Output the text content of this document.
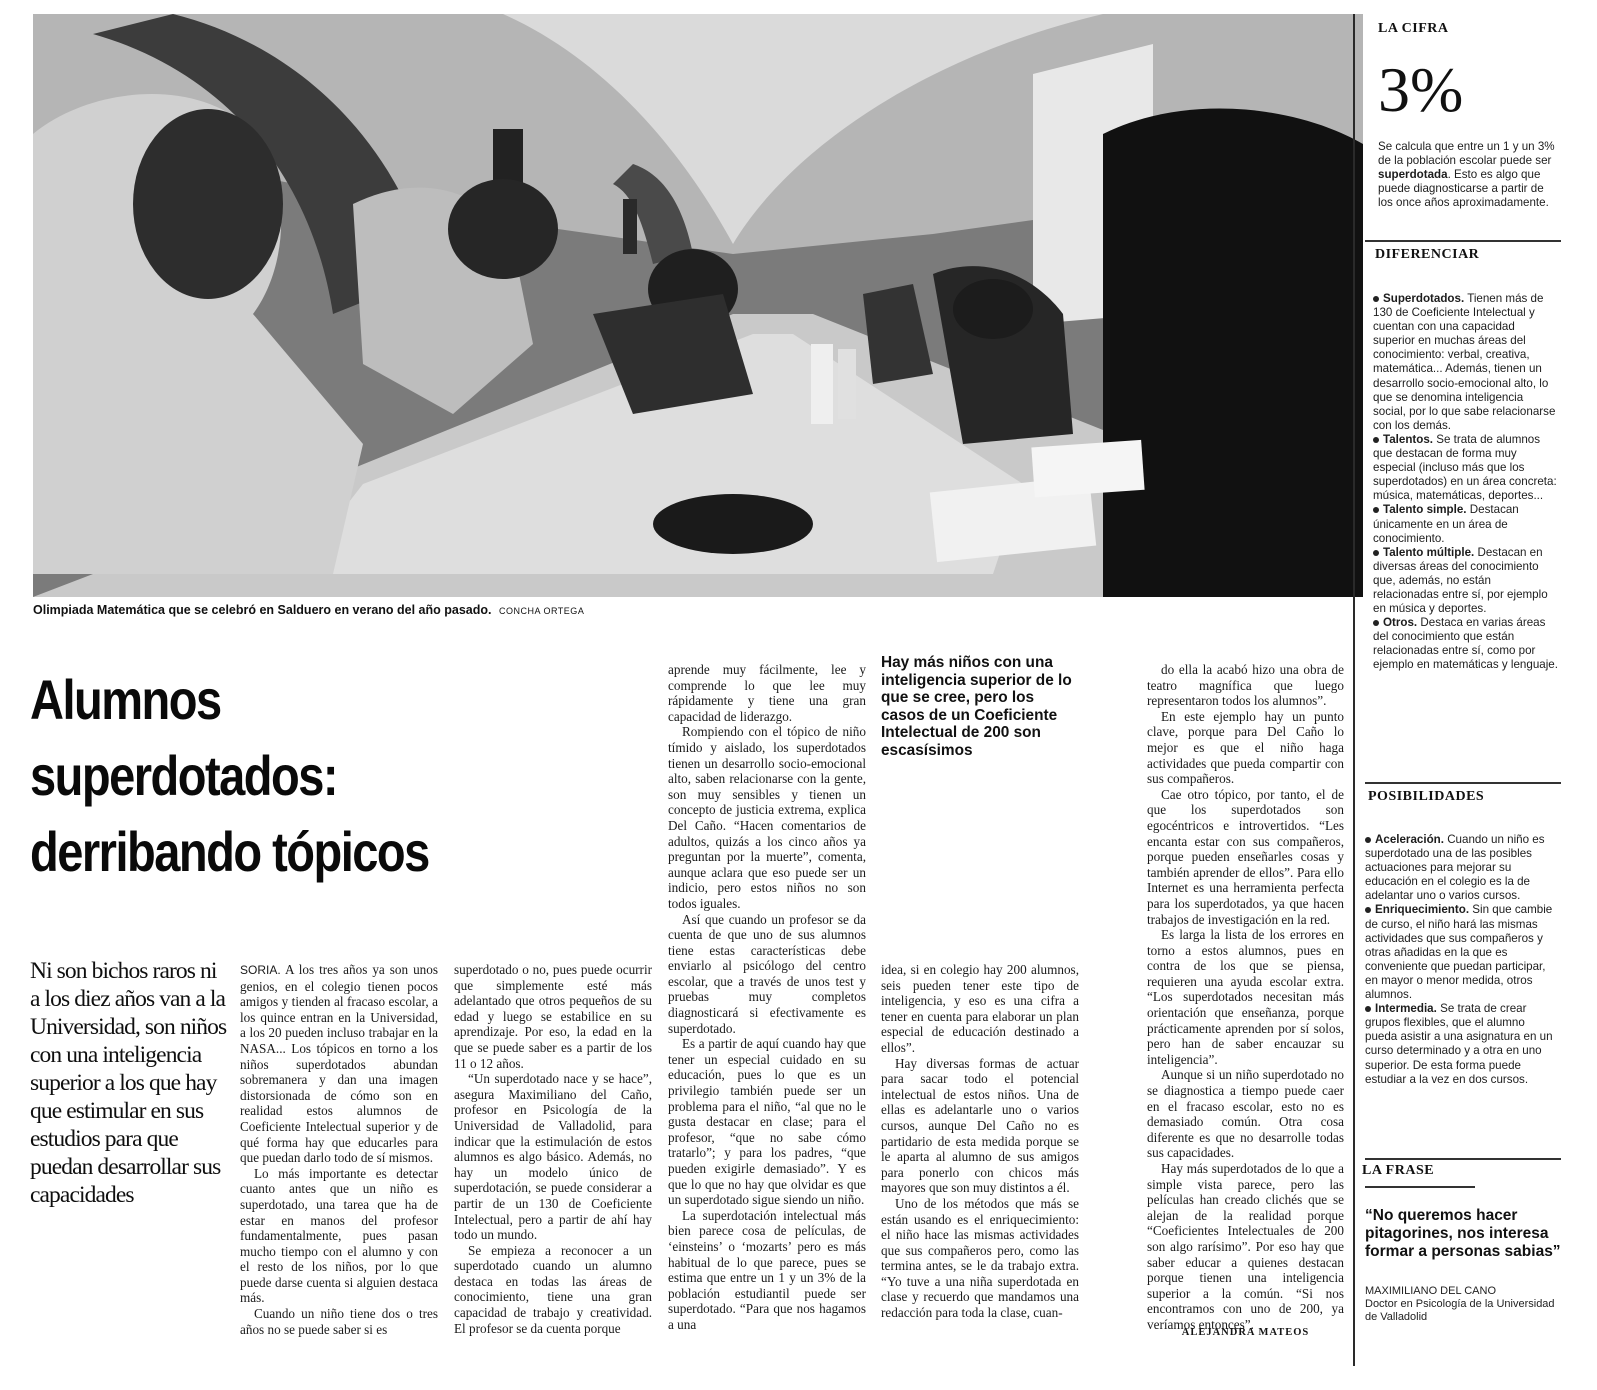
Olimpiada Matemática que se celebró en Salduero en verano del año pasado. CONCHA ORTEGA
Alumnos
superdotados:
derribando tópicos
Ni son bichos raros ni a los diez años van a la Universidad, son niños con una inteligencia superior a los que hay que estimular en sus estudios para que puedan desarrollar sus capacidades
Hay más niños con una inteligencia superior de lo que se cree, pero los casos de un Coeficiente Intelectual de 200 son escasísimos

SORIA. A los tres años ya son unos genios, en el colegio tienen pocos amigos y tienden al fracaso escolar, a los quince entran en la Universidad, a los 20 pueden incluso trabajar en la NASA... Los tópicos en torno a los niños superdotados abundan sobremanera y dan una imagen distorsionada de cómo son en realidad estos alumnos de Coeficiente Intelectual superior y de qué forma hay que educarles para que puedan darlo todo de sí mismos.

Lo más importante es detectar cuanto antes que un niño es superdotado, una tarea que ha de estar en manos del profesor fundamentalmente, pues pasan mucho tiempo con el alumno y con el resto de los niños, por lo que puede darse cuenta si alguien destaca más.

Cuando un niño tiene dos o tres años no se puede saber si es

superdotado o no, pues puede ocurrir que simplemente esté más adelantado que otros pequeños de su edad y luego se estabilice en su aprendizaje. Por eso, la edad en la que se puede saber es a partir de los 11 o 12 años.

“Un superdotado nace y se hace”, asegura Maximiliano del Caño, profesor en Psicología de la Universidad de Valladolid, para indicar que la estimulación de estos alumnos es algo básico. Además, no hay un modelo único de superdotación, se puede considerar a partir de un 130 de Coeficiente Intelectual, pero a partir de ahí hay todo un mundo.

Se empieza a reconocer a un superdotado cuando un alumno destaca en todas las áreas de conocimiento, tiene una gran capacidad de trabajo y creatividad. El profesor se da cuenta porque

aprende muy fácilmente, lee y comprende lo que lee muy rápidamente y tiene una gran capacidad de liderazgo.

Rompiendo con el tópico de niño tímido y aislado, los superdotados tienen un desarrollo socio-emocional alto, saben relacionarse con la gente, son muy sensibles y tienen un concepto de justicia extrema, explica Del Caño. “Hacen comentarios de adultos, quizás a los cinco años ya preguntan por la muerte”, comenta, aunque aclara que eso puede ser un indicio, pero estos niños no son todos iguales.

Así que cuando un profesor se da cuenta de que uno de sus alumnos tiene estas características debe enviarlo al psicólogo del centro escolar, que a través de unos test y pruebas muy completos diagnosticará si efectivamente es superdotado.

Es a partir de aquí cuando hay que tener un especial cuidado en su educación, pues lo que es un privilegio también puede ser un problema para el niño, “al que no le gusta destacar en clase; para el profesor, “que no sabe cómo tratarlo”; y para los padres, “que pueden exigirle demasiado”. Y es que lo que no hay que olvidar es que un superdotado sigue siendo un niño.

La superdotación intelectual más bien parece cosa de películas, de ‘einsteins’ o ‘mozarts’ pero es más habitual de lo que parece, pues se estima que entre un 1 y un 3% de la población estudiantil puede ser superdotado. “Para que nos hagamos a una

idea, si en colegio hay 200 alumnos, seis pueden tener este tipo de inteligencia, y eso es una cifra a tener en cuenta para elaborar un plan especial de educación destinado a ellos”.

Hay diversas formas de actuar para sacar todo el potencial intelectual de estos niños. Una de ellas es adelantarle uno o varios cursos, aunque Del Caño no es partidario de esta medida porque se le aparta al alumno de sus amigos para ponerlo con chicos más mayores que son muy distintos a él.

Uno de los métodos que más se están usando es el enriquecimiento: el niño hace las mismas actividades que sus compañeros pero, como las termina antes, se le da trabajo extra. “Yo tuve a una niña superdotada en clase y recuerdo que mandamos una redacción para toda la clase, cuan-

do ella la acabó hizo una obra de teatro magnífica que luego representaron todos los alumnos”.

En este ejemplo hay un punto clave, porque para Del Caño lo mejor es que el niño haga actividades que pueda compartir con sus compañeros.

Cae otro tópico, por tanto, el de que los superdotados son egocéntricos e introvertidos. “Les encanta estar con sus compañeros, porque pueden enseñarles cosas y también aprender de ellos”. Para ello Internet es una herramienta perfecta para los superdotados, ya que hacen trabajos de investigación en la red.

Es larga la lista de los errores en torno a estos alumnos, pues en contra de los que se piensa, requieren una ayuda escolar extra. “Los superdotados necesitan más orientación que enseñanza, porque prácticamente aprenden por sí solos, pero han de saber encauzar su inteligencia”.

Aunque si un niño superdotado no se diagnostica a tiempo puede caer en el fracaso escolar, esto no es demasiado común. Otra cosa diferente es que no desarrolle todas sus capacidades.

Hay más superdotados de lo que a simple vista parece, pero las películas han creado clichés que se alejan de la realidad porque “Coeficientes Intelectuales de 200 son algo rarísimo”. Por eso hay que saber educar a quienes destacan porque tienen una inteligencia superior a la común. “Si nos encontramos con uno de 200, ya veríamos entonces”.

ALEJANDRA MATEOS
LA CIFRA
3%
Se calcula que entre un 1 y un 3% de la población escolar puede ser superdotada. Esto es algo que puede diagnosticarse a partir de los once años aproximadamente.
DIFERENCIAR

Superdotados. Tienen más de 130 de Coeficiente Intelectual y cuentan con una capacidad superior en muchas áreas del conocimiento: verbal, creativa, matemática... Además, tienen un desarrollo socio-emocional alto, lo que se denomina inteligencia social, por lo que sabe relacionarse con los demás.

Talentos. Se trata de alumnos que destacan de forma muy especial (incluso más que los superdotados) en un área concreta: música, matemáticas, deportes...

Talento simple. Destacan únicamente en un área de conocimiento.

Talento múltiple. Destacan en diversas áreas del conocimiento que, además, no están relacionadas entre sí, por ejemplo en música y deportes.

Otros. Destaca en varias áreas del conocimiento que están relacionadas entre sí, como por ejemplo en matemáticas y lenguaje.

POSIBILIDADES

Aceleración. Cuando un niño es superdotado una de las posibles actuaciones para mejorar su educación en el colegio es la de adelantar uno o varios cursos.

Enriquecimiento. Sin que cambie de curso, el niño hará las mismas actividades que sus compañeros y otras añadidas en la que es conveniente que puedan participar, en mayor o menor medida, otros alumnos.

Intermedia. Se trata de crear grupos flexibles, que el alumno pueda asistir a una asignatura en un curso determinado y a otra en uno superior. De esta forma puede estudiar a la vez en dos cursos.

LA FRASE
“No queremos hacer pitagorines, nos interesa formar a personas sabias”
MAXIMILIANO DEL CANO
Doctor en Psicología de la Universidad de Valladolid
